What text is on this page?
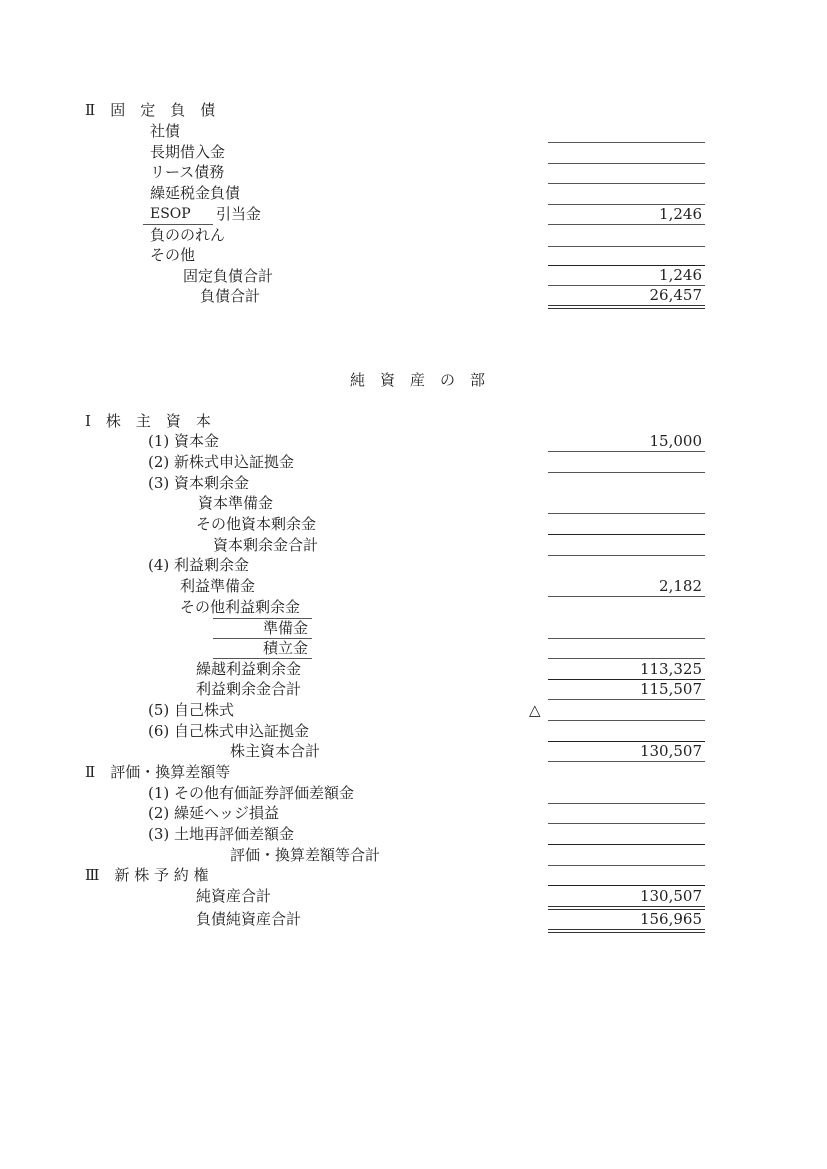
Ⅱ　固　定　負　債
社債
長期借入金
リース債務
繰延税金負債
ESOP 引当金	1,246
負ののれん
その他
固定負債合計	1,246
負債合計	26,457
純　資　産　の　部
Ⅰ　株　主　資　本
(1) 資本金	15,000
(2) 新株式申込証拠金
(3) 資本剰余金
資本準備金
その他資本剰余金
資本剰余金合計
(4) 利益剰余金
利益準備金	2,182
その他利益剰余金
準備金
積立金
繰越利益剰余金	113,325
利益剰余金合計	115,507
(5) 自己株式	△
(6) 自己株式申込証拠金
株主資本合計	130,507
Ⅱ　評価・換算差額等
(1) その他有価証券評価差額金
(2) 繰延ヘッジ損益
(3) 土地再評価差額金
評価・換算差額等合計
Ⅲ　新 株 予 約 権
純資産合計	130,507
負債純資産合計	156,965
